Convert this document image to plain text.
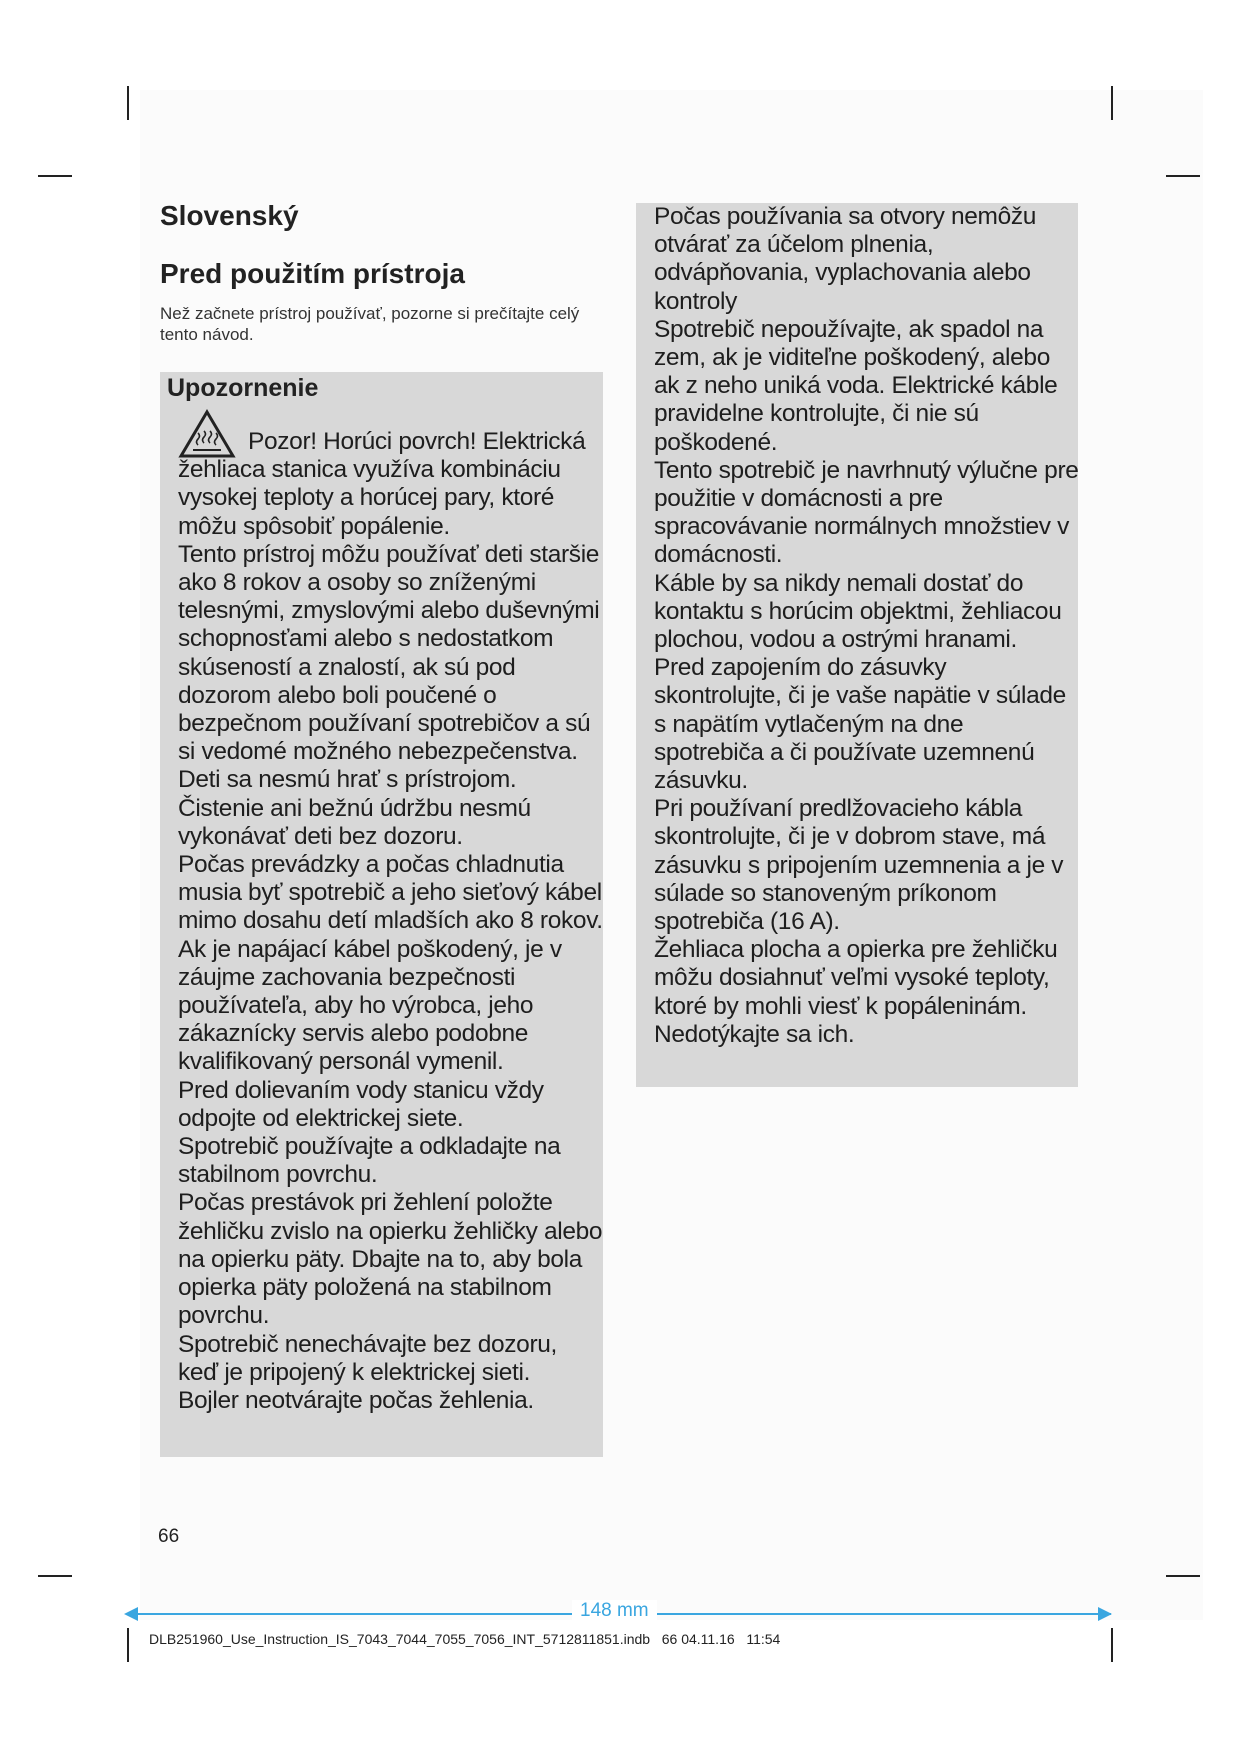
Slovenský
Pred použitím prístroja
Než začnete prístroj používať, pozorne si prečítajte celý tento návod.
Upozornenie

Pozor! Horúci povrch! Elektrická žehliaca stanica využíva kombináciu vysokej teploty a horúcej pary, ktoré môžu spôsobiť popálenie.

Tento prístroj môžu používať deti staršie ako 8 rokov a osoby so zníženými telesnými, zmyslovými alebo duševnými schopnosťami alebo s nedostatkom skúseností a znalostí, ak sú pod dozorom alebo boli poučené o bezpečnom používaní spotrebičov a sú si vedomé možného nebezpečenstva.

Deti sa nesmú hrať s prístrojom.

Čistenie ani bežnú údržbu nesmú vykonávať deti bez dozoru.

Počas prevádzky a počas chladnutia musia byť spotrebič a jeho sieťový kábel mimo dosahu detí mladších ako 8 rokov.

Ak je napájací kábel poškodený, je v záujme zachovania bezpečnosti používateľa, aby ho výrobca, jeho zákaznícky servis alebo podobne kvalifikovaný personál vymenil.

Pred dolievaním vody stanicu vždy odpojte od elektrickej siete.

Spotrebič používajte a odkladajte na stabilnom povrchu.

Počas prestávok pri žehlení položte žehličku zvislo na opierku žehličky alebo na opierku päty. Dbajte na to, aby bola opierka päty položená na stabilnom povrchu.

Spotrebič nenechávajte bez dozoru, keď je pripojený k elektrickej sieti.

Bojler neotvárajte počas žehlenia.

Počas používania sa otvory nemôžu otvárať za účelom plnenia, odvápňovania, vyplachovania alebo kontroly

Spotrebič nepoužívajte, ak spadol na zem, ak je viditeľne poškodený, alebo ak z neho uniká voda. Elektrické káble pravidelne kontrolujte, či nie sú poškodené.

Tento spotrebič je navrhnutý výlučne pre použitie v domácnosti a pre spracovávanie normálnych množstiev v domácnosti.

Káble by sa nikdy nemali dostať do kontaktu s horúcim objektmi, žehliacou plochou, vodou a ostrými hranami.

Pred zapojením do zásuvky skontrolujte, či je vaše napätie v súlade s napätím vytlačeným na dne spotrebiča a či používate uzemnenú zásuvku.

Pri používaní predlžovacieho kábla skontrolujte, či je v dobrom stave, má zásuvku s pripojením uzemnenia a je v súlade so stanoveným príkonom spotrebiča (16 A).

Žehliaca plocha a opierka pre žehličku môžu dosiahnuť veľmi vysoké teploty, ktoré by mohli viesť k popáleninám. Nedotýkajte sa ich.

66
148 mm
DLB251960_Use_Instruction_IS_7043_7044_7055_7056_INT_5712811851.indb 66 04.11.16 11:54
